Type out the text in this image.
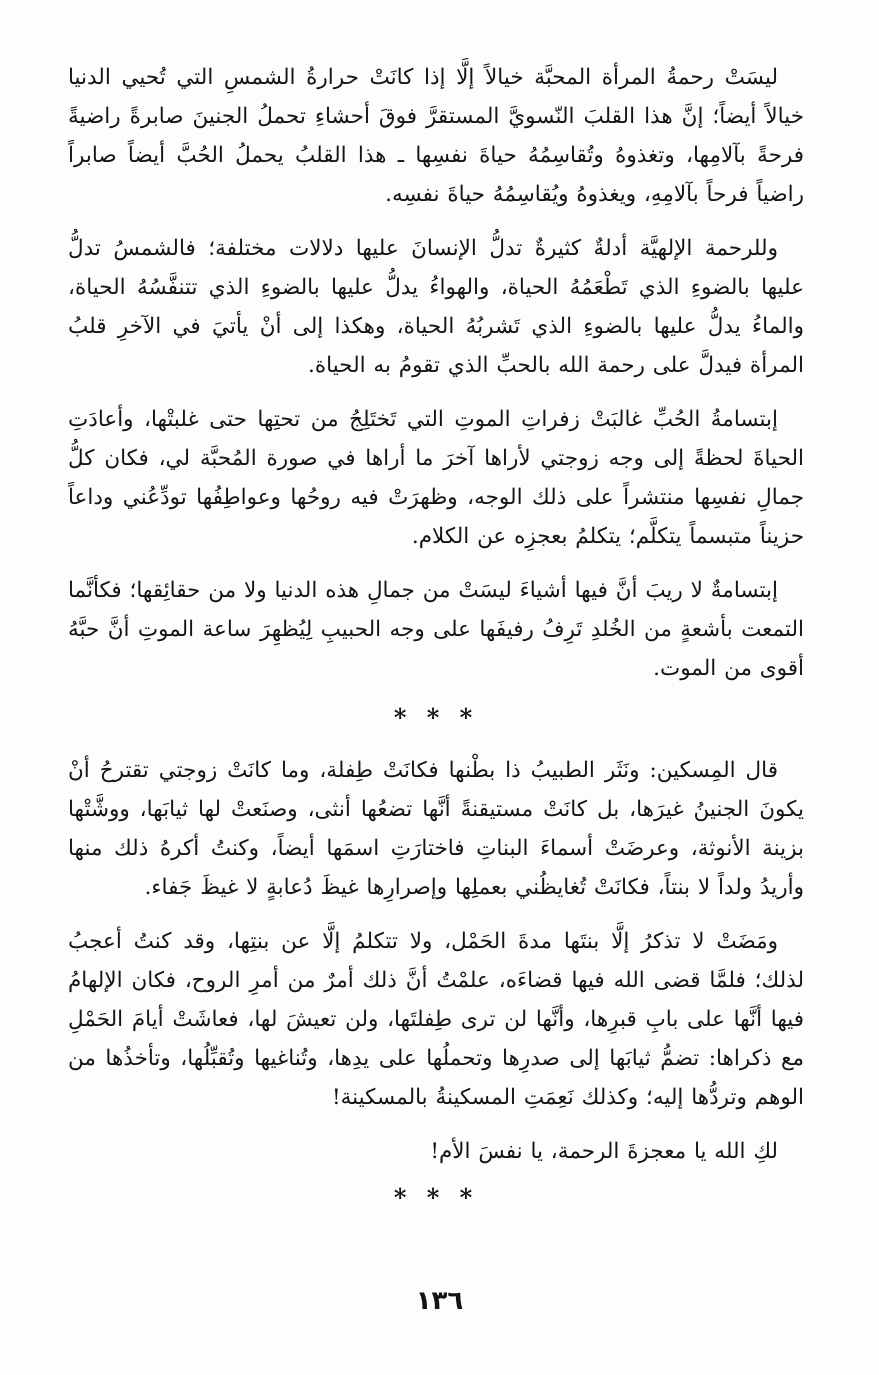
ليسَتْ رحمةُ المرأة المحبَّة خيالاً إلَّا إذا كانَتْ حرارةُ الشمسِ التي تُحيي الدنيا خيالاً أيضاً؛ إنَّ هذا القلبَ النّسويَّ المستقرَّ فوقَ أحشاءِ تحملُ الجنينَ صابرةً راضيةً فرحةً بآلامِها، وتغذوهُ وتُقاسِمُهُ حياةَ نفسِها ـ هذا القلبُ يحملُ الحُبَّ أيضاً صابراً راضياً فرحاً بآلامِهِ، ويغذوهُ ويُقاسِمُهُ حياةَ نفسِه.

وللرحمة الإلهيَّة أدلةٌ كثيرةٌ تدلُّ الإنسانَ عليها دلالات مختلفة؛ فالشمسُ تدلُّ عليها بالضوءِ الذي تَطْعَمُهُ الحياة، والهواءُ يدلُّ عليها بالضوءِ الذي تتنفَّسُهُ الحياة، والماءُ يدلُّ عليها بالضوءِ الذي تَشربُهُ الحياة، وهكذا إلى أنْ يأتيَ في الآخرِ قلبُ المرأة فيدلَّ على رحمة الله بالحبِّ الذي تقومُ به الحياة.

إبتسامةُ الحُبِّ غالبَتْ زفراتِ الموتِ التي تَختَلِجُ من تحتِها حتى غلبتْها، وأعادَتِ الحياةَ لحظةً إلى وجه زوجتي لأراها آخرَ ما أراها في صورة المُحبَّة لي، فكان كلُّ جمالِ نفسِها منتشراً على ذلك الوجه، وظهرَتْ فيه روحُها وعواطِفُها تودِّعُني وداعاً حزيناً متبسماً يتكلَّم؛ يتكلمُ بعجزِه عن الكلام.

إبتسامةٌ لا ريبَ أنَّ فيها أشياءَ ليسَتْ من جمالِ هذه الدنيا ولا من حقائِقها؛ فكأنَّما التمعت بأشعةٍ من الخُلدِ تَرِفُ رفيفَها على وجه الحبيبِ لِيُظهِرَ ساعة الموتِ أنَّ حبَّهُ أقوى من الموت.

* * *

قال المِسكين: ونَثَر الطبيبُ ذا بطْنها فكانَتْ طِفلة، وما كانَتْ زوجتي تقترحُ أنْ يكونَ الجنينُ غيرَها، بل كانَتْ مستيقنةً أنَّها تضعُها أنثى، وصنَعتْ لها ثيابَها، ووشَّتْها بزينة الأنوثة، وعرضَتْ أسماءَ البناتِ فاختارَتِ اسمَها أيضاً، وكنتُ أكرهُ ذلك منها وأريدُ ولداً لا بنتاً، فكانَتْ تُغايظُني بعملِها وإصرارِها غيظَ دُعابةٍ لا غيظَ جَفاء.

ومَضَتْ لا تذكرُ إلَّا بنتَها مدةَ الحَمْل، ولا تتكلمُ إلَّا عن بنتِها، وقد كنتُ أعجبُ لذلك؛ فلمَّا قضى الله فيها قضاءَه، علمْتُ أنَّ ذلك أمرٌ من أمرِ الروح، فكان الإلهامُ فيها أنَّها على بابِ قبرِها، وأنَّها لن ترى طِفلتَها، ولن تعيشَ لها، فعاشَتْ أيامَ الحَمْلِ مع ذكراها: تضمُّ ثيابَها إلى صدرِها وتحملُها على يدِها، وتُناغيها وتُقبِّلُها، وتأخذُها من الوهم وتردُّها إليه؛ وكذلك نَعِمَتِ المسكينةُ بالمسكينة!

لكِ الله يا معجزةَ الرحمة، يا نفسَ الأم!

* * *
١٣٦
